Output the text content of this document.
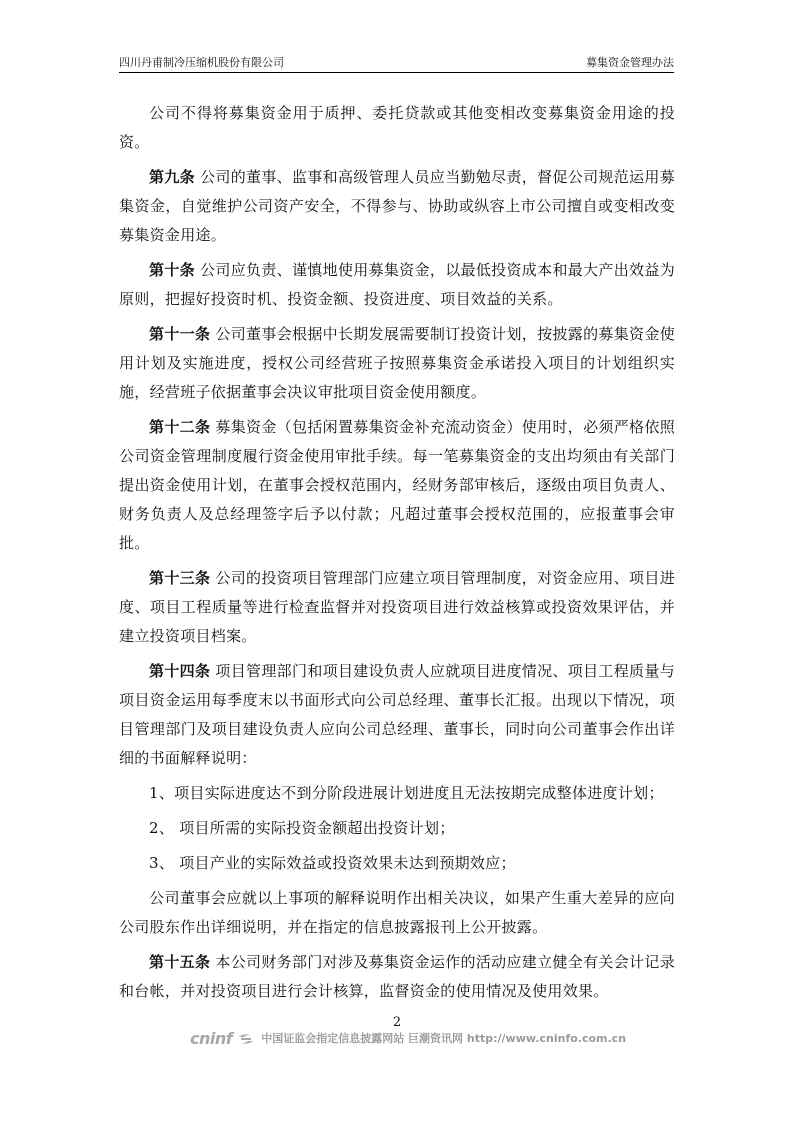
四川丹甫制冷压缩机股份有限公司	募集资金管理办法

公司不得将募集资金用于质押、委托贷款或其他变相改变募集资金用途的投资。

第九条 公司的董事、监事和高级管理人员应当勤勉尽责，督促公司规范运用募集资金，自觉维护公司资产安全，不得参与、协助或纵容上市公司擅自或变相改变募集资金用途。

第十条 公司应负责、谨慎地使用募集资金，以最低投资成本和最大产出效益为原则，把握好投资时机、投资金额、投资进度、项目效益的关系。

第十一条 公司董事会根据中长期发展需要制订投资计划，按披露的募集资金使用计划及实施进度，授权公司经营班子按照募集资金承诺投入项目的计划组织实施，经营班子依据董事会决议审批项目资金使用额度。

第十二条 募集资金（包括闲置募集资金补充流动资金）使用时，必须严格依照公司资金管理制度履行资金使用审批手续。每一笔募集资金的支出均须由有关部门提出资金使用计划，在董事会授权范围内，经财务部审核后，逐级由项目负责人、财务负责人及总经理签字后予以付款；凡超过董事会授权范围的，应报董事会审批。

第十三条 公司的投资项目管理部门应建立项目管理制度，对资金应用、项目进度、项目工程质量等进行检查监督并对投资项目进行效益核算或投资效果评估，并建立投资项目档案。

第十四条 项目管理部门和项目建设负责人应就项目进度情况、项目工程质量与项目资金运用每季度末以书面形式向公司总经理、董事长汇报。出现以下情况，项目管理部门及项目建设负责人应向公司总经理、董事长，同时向公司董事会作出详细的书面解释说明：

1、项目实际进度达不到分阶段进展计划进度且无法按期完成整体进度计划；

2、 项目所需的实际投资金额超出投资计划；

3、 项目产业的实际效益或投资效果未达到预期效应；

公司董事会应就以上事项的解释说明作出相关决议，如果产生重大差异的应向公司股东作出详细说明，并在指定的信息披露报刊上公开披露。

第十五条 本公司财务部门对涉及募集资金运作的活动应建立健全有关会计记录和台帐，并对投资项目进行会计核算，监督资金的使用情况及使用效果。

2
cninf	中国证监会指定信息披露网站 巨潮资讯网 http://www.cninfo.com.cn
